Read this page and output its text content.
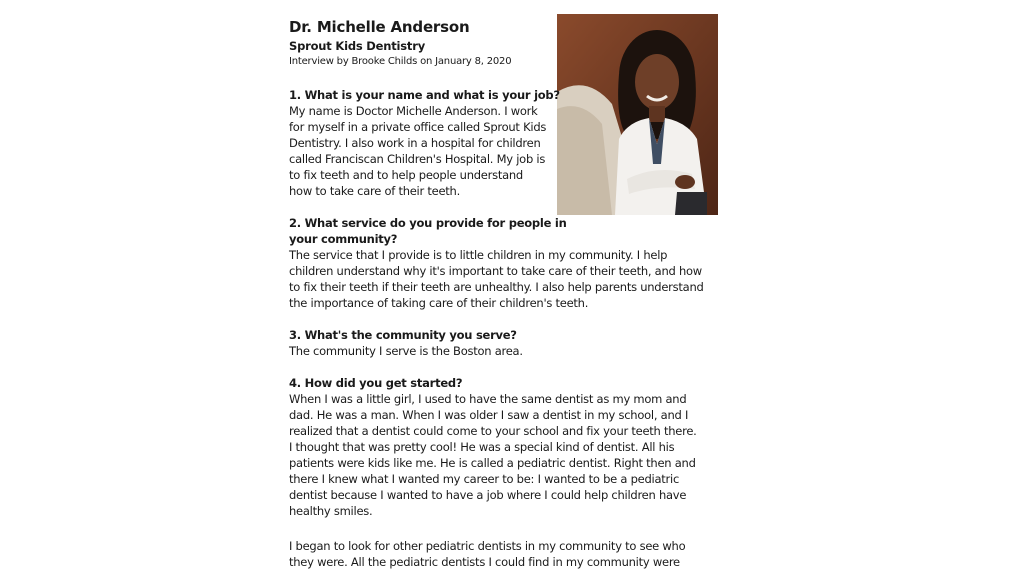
Dr. Michelle Anderson
Sprout Kids Dentistry
Interview by Brooke Childs on January 8, 2020
1. What is your name and what is your job?
My name is Doctor Michelle Anderson. I work
for myself in a private office called Sprout Kids
Dentistry. I also work in a hospital for children
called Franciscan Children's Hospital. My job is
to fix teeth and to help people understand
how to take care of their teeth.
2. What service do you provide for people in
your community?
The service that I provide is to little children in my community. I help
children understand why it's important to take care of their teeth, and how
to fix their teeth if their teeth are unhealthy. I also help parents understand
the importance of taking care of their children's teeth.
3. What's the community you serve?
The community I serve is the Boston area.
4. How did you get started?
When I was a little girl, I used to have the same dentist as my mom and
dad. He was a man. When I was older I saw a dentist in my school, and I
realized that a dentist could come to your school and fix your teeth there.
I thought that was pretty cool! He was a special kind of dentist. All his
patients were kids like me. He is called a pediatric dentist. Right then and
there I knew what I wanted my career to be: I wanted to be a pediatric
dentist because I wanted to have a job where I could help children have
healthy smiles.
I began to look for other pediatric dentists in my community to see who
they were. All the pediatric dentists I could find in my community were
